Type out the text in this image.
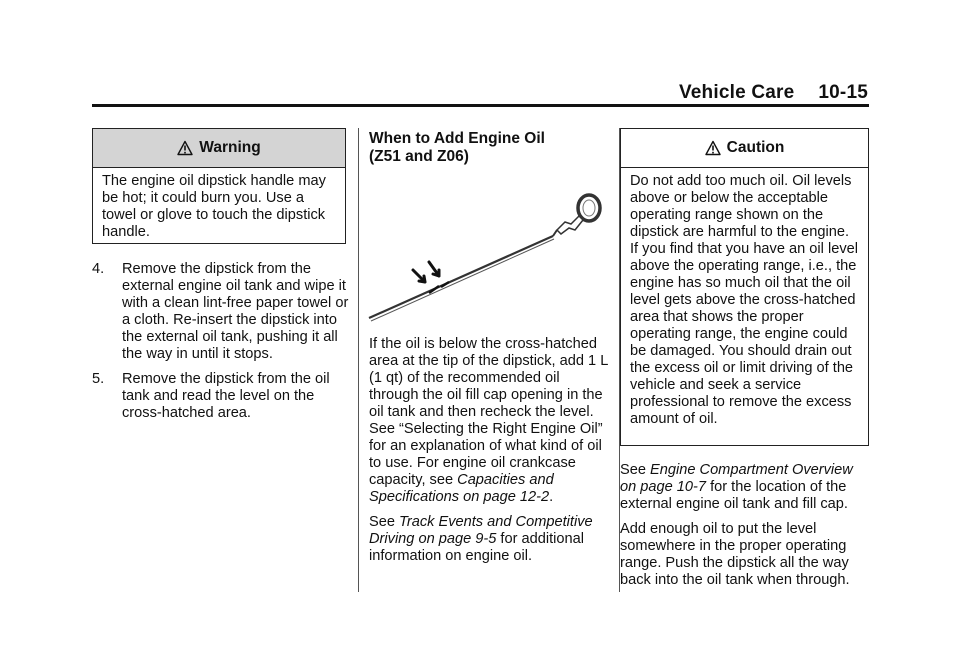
Vehicle Care 10-15
Warning
The engine oil dipstick handle may be hot; it could burn you. Use a towel or glove to touch the dipstick handle.
4.	Remove the dipstick from the external engine oil tank and wipe it with a clean lint-free paper towel or a cloth. Re-insert the dipstick into the external oil tank, pushing it all the way in until it stops.
5.	Remove the dipstick from the oil tank and read the level on the cross-hatched area.
When to Add Engine Oil
(Z51 and Z06)
If the oil is below the cross-hatched area at the tip of the dipstick, add 1 L (1 qt) of the recommended oil through the oil fill cap opening in the oil tank and then recheck the level. See “Selecting the Right Engine Oil” for an explanation of what kind of oil to use. For engine oil crankcase capacity, see Capacities and Specifications on page 12-2.
See Track Events and Competitive Driving on page 9-5 for additional information on engine oil.
Caution
Do not add too much oil. Oil levels above or below the acceptable operating range shown on the dipstick are harmful to the engine. If you find that you have an oil level above the operating range, i.e., the engine has so much oil that the oil level gets above the cross-hatched area that shows the proper operating range, the engine could be damaged. You should drain out the excess oil or limit driving of the vehicle and seek a service professional to remove the excess amount of oil.
See Engine Compartment Overview on page 10-7 for the location of the external engine oil tank and fill cap.
Add enough oil to put the level somewhere in the proper operating range. Push the dipstick all the way back into the oil tank when through.
